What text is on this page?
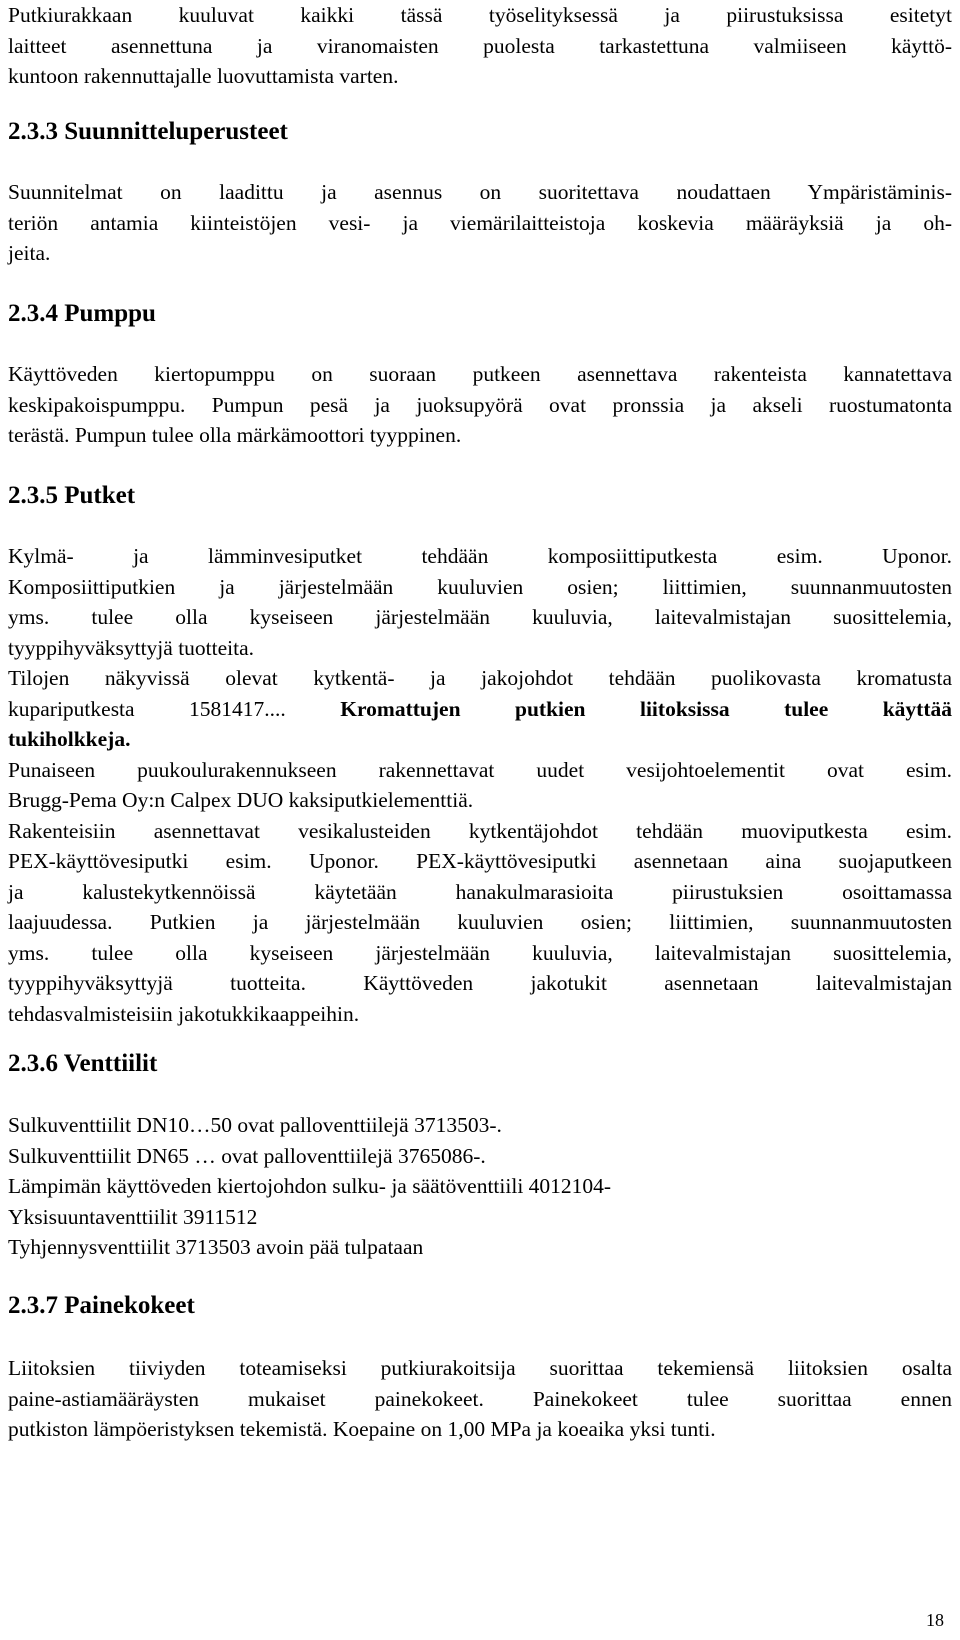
Putkiurakkaan kuuluvat kaikki tässä työselityksessä ja piirustuksissa esitetyt
laitteet asennettuna ja viranomaisten puolesta tarkastettuna valmiiseen käyttö-
kuntoon rakennuttajalle luovuttamista varten.
2.3.3 Suunnitteluperusteet
Suunnitelmat on laadittu ja asennus on suoritettava noudattaen Ympäristäminis-
teriön antamia kiinteistöjen vesi- ja viemärilaitteistoja koskevia määräyksiä ja oh-
jeita.
2.3.4 Pumppu
Käyttöveden kiertopumppu on suoraan putkeen asennettava rakenteista kannatettava
keskipakoispumppu. Pumpun pesä ja juoksupyörä ovat pronssia ja akseli ruostumatonta
terästä. Pumpun tulee olla märkämoottori tyyppinen.
2.3.5 Putket
Kylmä- ja lämminvesiputket tehdään komposiittiputkesta esim. Uponor.
Komposiittiputkien ja järjestelmään kuuluvien osien; liittimien, suunnanmuutosten
yms. tulee olla kyseiseen järjestelmään kuuluvia, laitevalmistajan suosittelemia,
tyyppihyväksyttyjä tuotteita.
Tilojen näkyvissä olevat kytkentä- ja jakojohdot tehdään puolikovasta kromatusta
kupariputkesta 1581417....	Kromattujen putkien liitoksissa tulee käyttää
tukiholkkeja.
Punaiseen puukoulurakennukseen rakennettavat uudet vesijohtoelementit ovat esim.
Brugg-Pema Oy:n Calpex DUO kaksiputkielementtiä.
Rakenteisiin asennettavat vesikalusteiden kytkentäjohdot tehdään muoviputkesta esim.
PEX-käyttövesiputki esim. Uponor. PEX-käyttövesiputki asennetaan aina suojaputkeen
ja kalustekytkennöissä käytetään hanakulmarasioita piirustuksien osoittamassa
laajuudessa. Putkien ja järjestelmään kuuluvien osien; liittimien, suunnanmuutosten
yms. tulee olla kyseiseen järjestelmään kuuluvia, laitevalmistajan suosittelemia,
tyyppihyväksyttyjä tuotteita. Käyttöveden jakotukit asennetaan laitevalmistajan
tehdasvalmisteisiin jakotukkikaappeihin.
2.3.6 Venttiilit
Sulkuventtiilit DN10…50 ovat palloventtiilejä 3713503-.
Sulkuventtiilit DN65 … ovat palloventtiilejä 3765086-.
Lämpimän käyttöveden kiertojohdon sulku- ja säätöventtiili 4012104-
Yksisuuntaventtiilit 3911512
Tyhjennysventtiilit 3713503 avoin pää tulpataan
2.3.7 Painekokeet
Liitoksien tiiviyden toteamiseksi putkiurakoitsija suorittaa tekemiensä liitoksien osalta
paine-astiamääräysten mukaiset painekokeet. Painekokeet tulee suorittaa ennen
putkiston lämpöeristyksen tekemistä. Koepaine on 1,00 MPa ja koeaika yksi tunti.
18
